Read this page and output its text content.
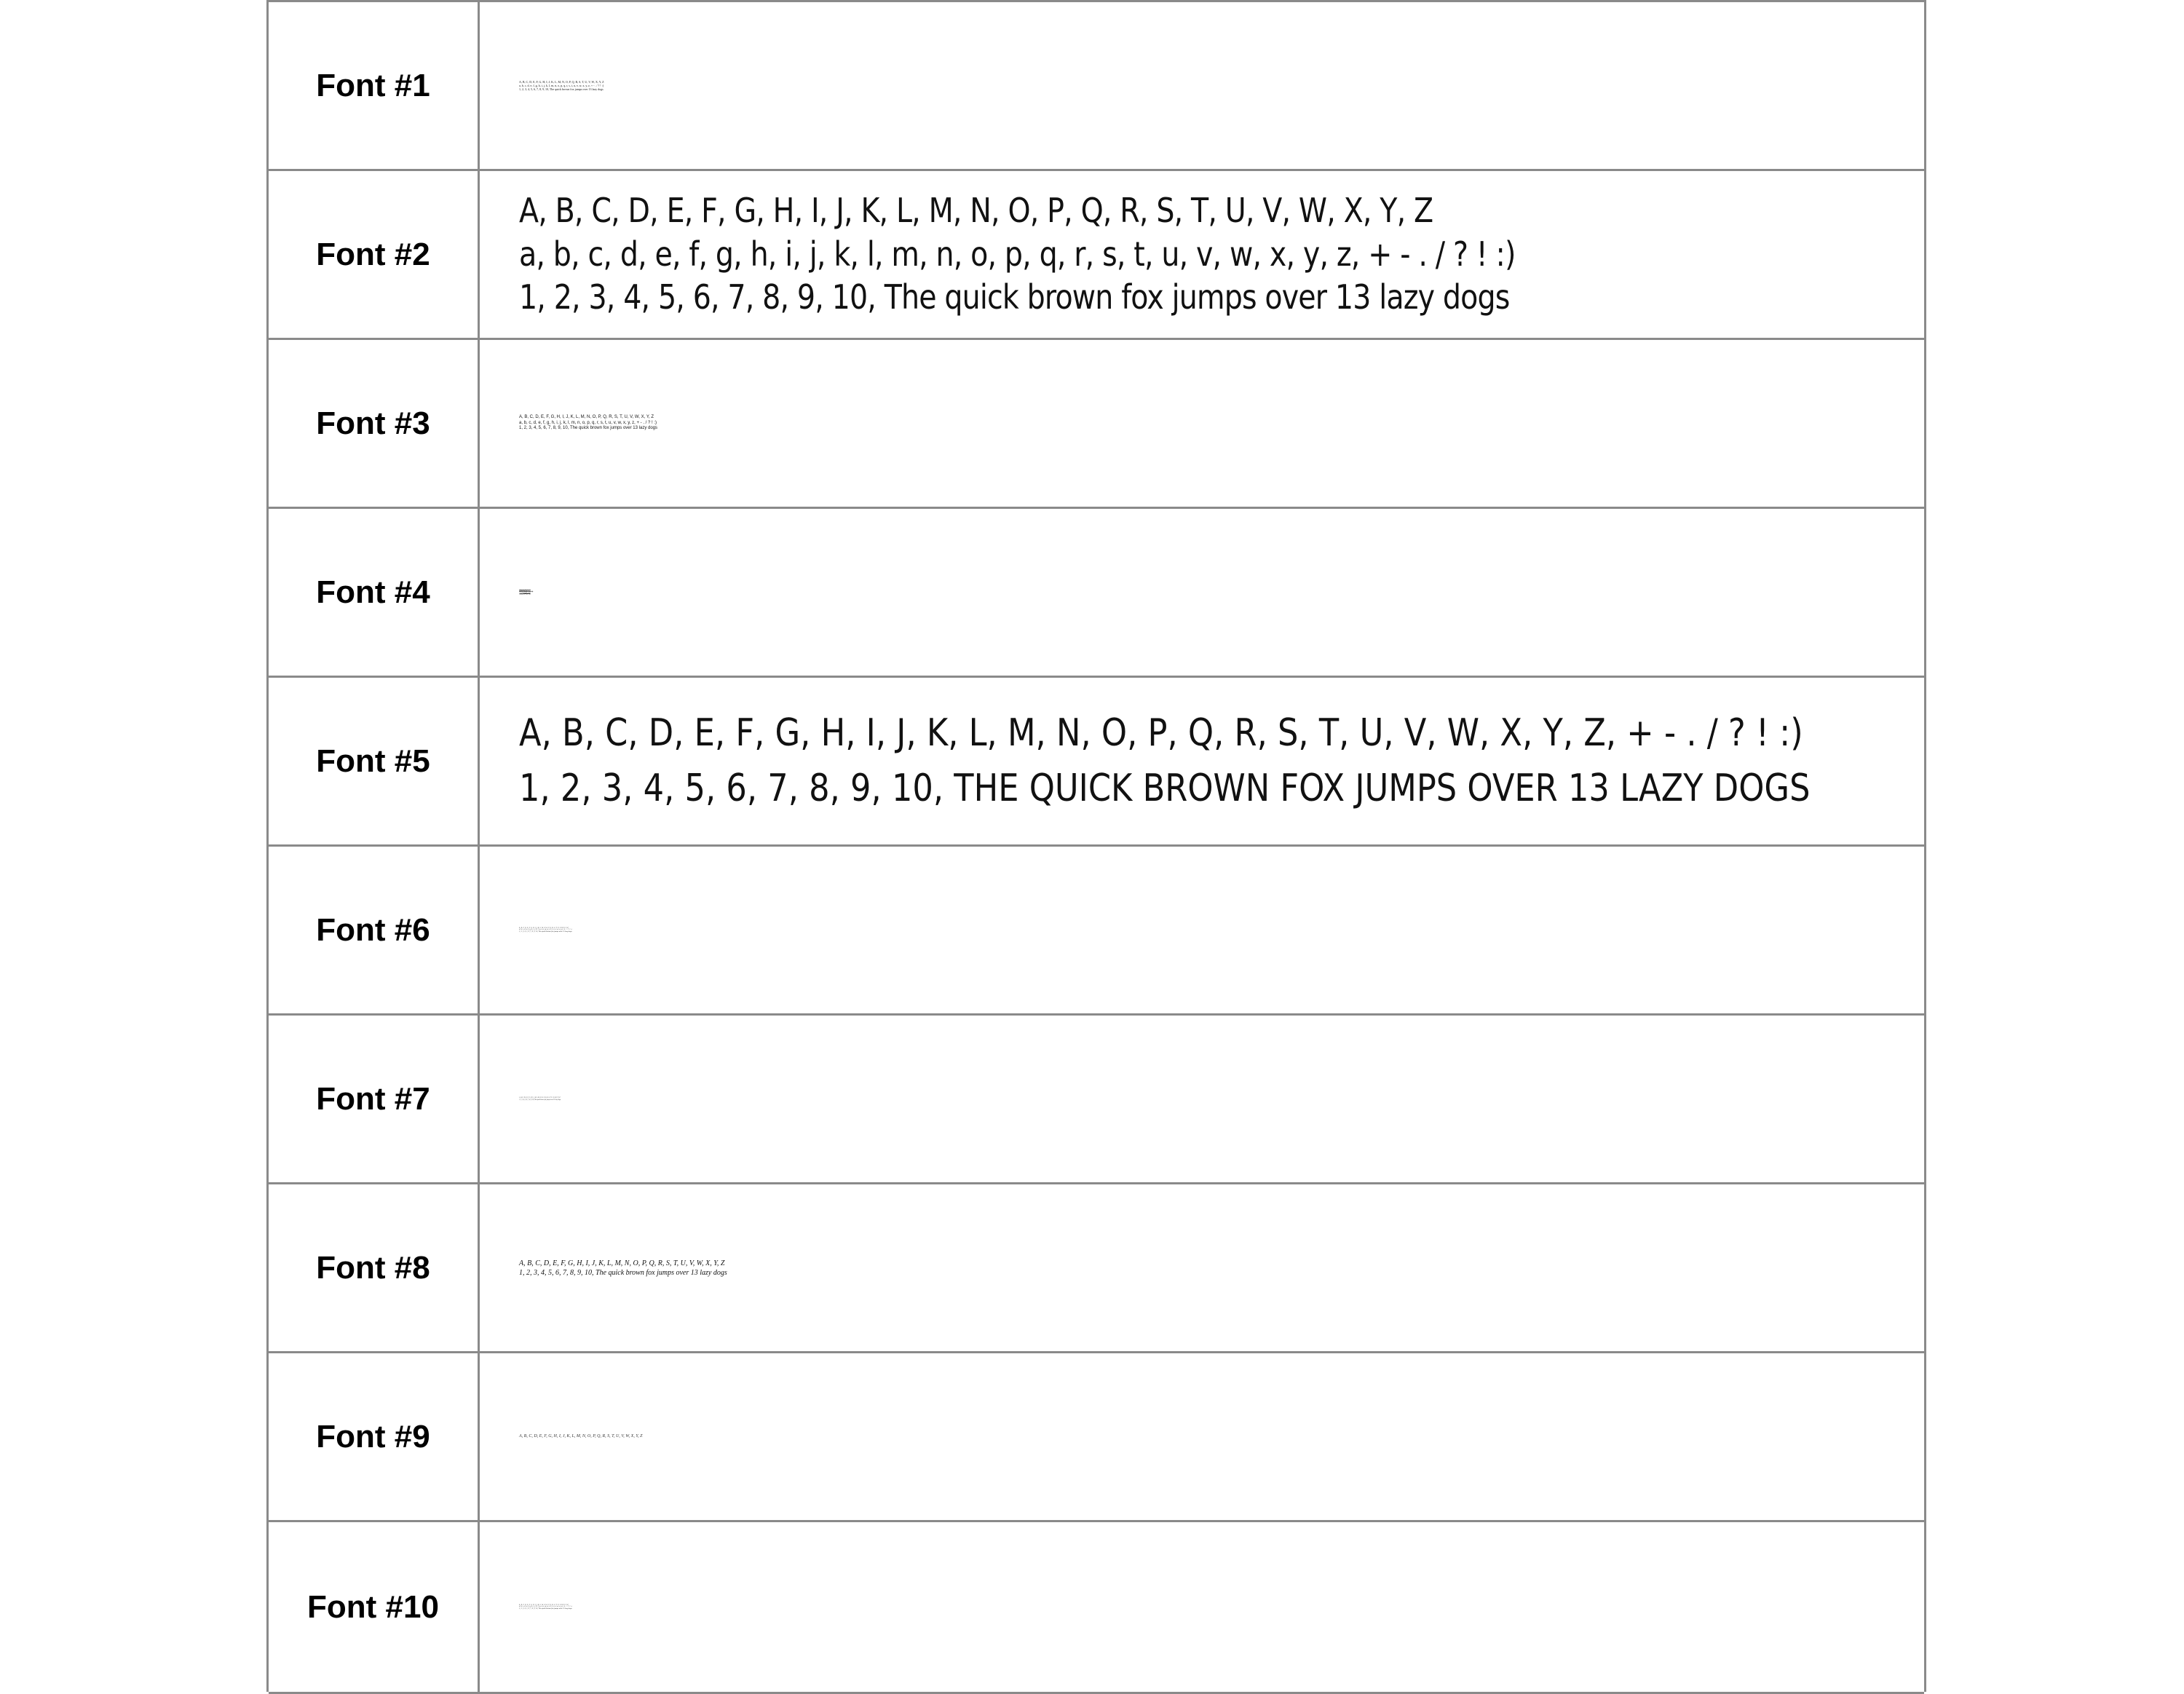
Font #1	A, B, C, D, E, F, G, H, I, J, K, L, M, N, O, P, Q, R, S, T, U, V, W, X, Y, Z
a, b, c, d, e, f, g, h, i, j, k, l, m, n, o, p, q, r, s, t, u, v, w, x, y, z, + - . / ? ! :)
1, 2, 3, 4, 5, 6, 7, 8, 9, 10, The quick brown fox jumps over 13 lazy dogs
Font #2
A, B, C, D, E, F, G, H, I, J, K, L, M, N, O, P, Q, R, S, T, U, V, W, X, Y, Z
a, b, c, d, e, f, g, h, i, j, k, l, m, n, o, p, q, r, s, t, u, v, w, x, y, z, + - . / ? ! :)
1, 2, 3, 4, 5, 6, 7, 8, 9, 10, The quick brown fox jumps over 13 lazy dogs
Font #3	A, B, C, D, E, F, G, H, I, J, K, L, M, N, O, P, Q, R, S, T, U, V, W, X, Y, Z
a, b, c, d, e, f, g, h, i, j, k, l, m, n, o, p, q, r, s, t, u, v, w, x, y, z, + - . / ? ! :)
1, 2, 3, 4, 5, 6, 7, 8, 9, 10, The quick brown fox jumps over 13 lazy dogs
Font #4	A, B, C, D, E, F, G, H, I, J, K, L, M, N, O, P, Q, R, S, T, U, V, W, X, Y, Z
a, b, c, d, e, f, g, h, i, j, k, l, m, n, o, p, q, r, s, t, u, v, w, x, y, z, + - . / ? ! :)
1, 2, 3, 4, 5, 6, 7, 8, 9, 10, The quick brown fox jumps over 13 lazy dogs
Font #5
A, B, C, D, E, F, G, H, I, J, K, L, M, N, O, P, Q, R, S, T, U, V, W, X, Y, Z, + - . / ? ! :)
1, 2, 3, 4, 5, 6, 7, 8, 9, 10, THE QUICK BROWN FOX JUMPS OVER 13 LAZY DOGS
Font #6	A, B, C, D, E, F, G, H, I, J, K, L, M, N, O, P, Q, R, S, T, U, V, W, X, Y, Z
a, b, c, d, e, f, g, h, i, j, k, l, m, n, o, p, q, r, s, t, u, v, w, x, y, z, + - . / ? ! :)
1, 2, 3, 4, 5, 6, 7, 8, 9, 10, The quick brown fox jumps over 13 lazy dogs
Font #7	A, B, C, D, E, F, G, H, I, J, K, L, M, N, O, P, Q, R, S, T, U, V, W, X, Y, Z
1, 2, 3, 4, 5, 6, 7, 8, 9, 10, The quick brown fox jumps over 13 lazy dogs
Font #8	A, B, C, D, E, F, G, H, I, J, K, L, M, N, O, P, Q, R, S, T, U, V, W, X, Y, Z
1, 2, 3, 4, 5, 6, 7, 8, 9, 10, The quick brown fox jumps over 13 lazy dogs
Font #9	A, B, C, D, E, F, G, H, I, J, K, L, M, N, O, P, Q, R, S, T, U, V, W, X, Y, Z
Font #10	A, B, C, D, E, F, G, H, I, J, K, L, M, N, O, P, Q, R, S, T, U, V, W, X, Y, Z
a, b, c, d, e, f, g, h, i, j, k, l, m, n, o, p, q, r, s, t, u, v, w, x, y, z, + - . / ? ! :)
1, 2, 3, 4, 5, 6, 7, 8, 9, 10, The quick brown fox jumps over 13 lazy dogs
